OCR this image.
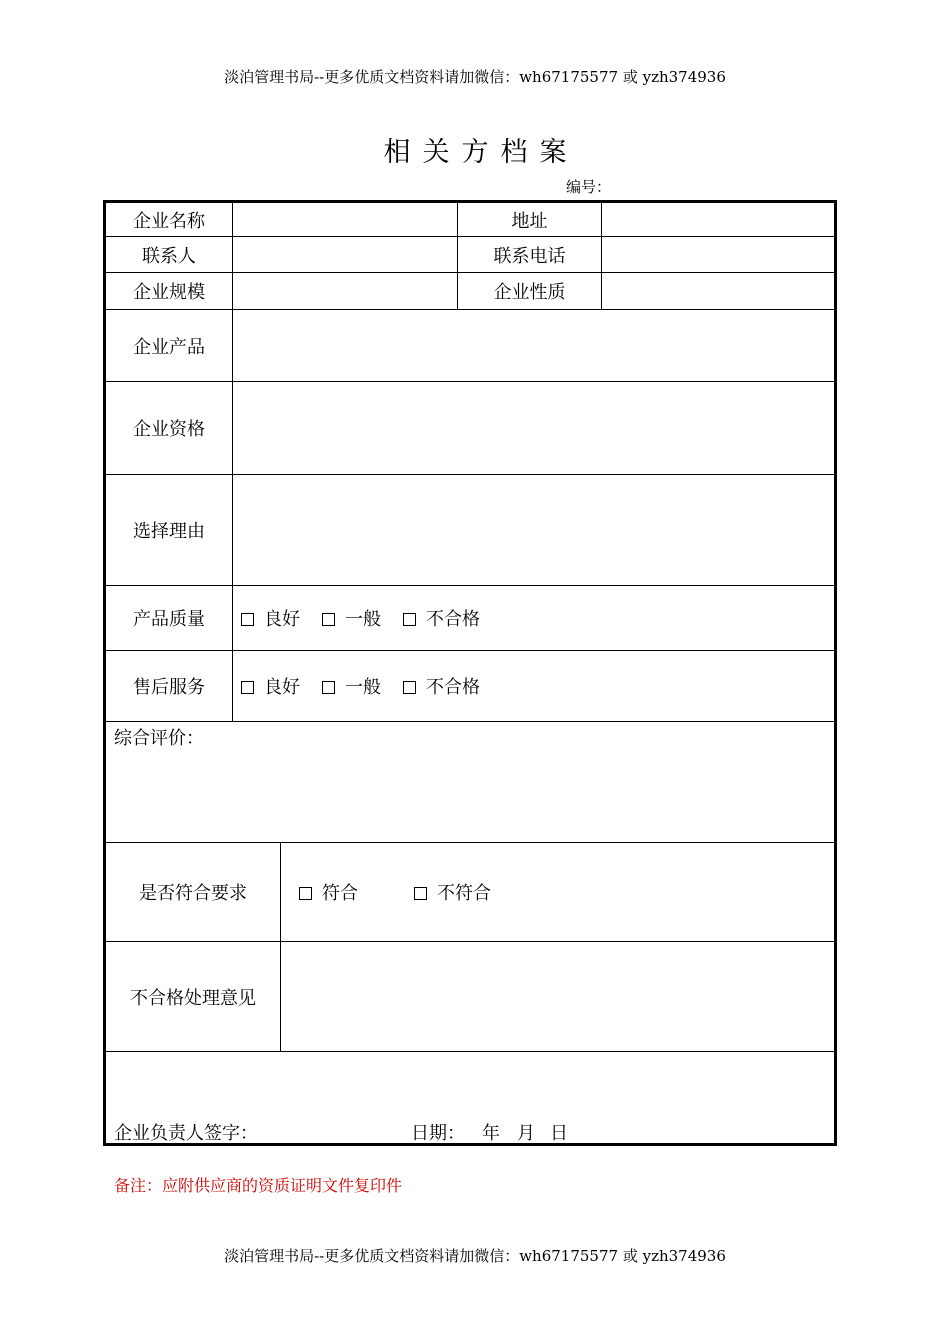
淡泊管理书局--更多优质文档资料请加微信：wh67175577 或 yzh374936
相关方档案
编号：
企业名称	地址
联系人	联系电话
企业规模	企业性质
企业产品
企业资格
选择理由
产品质量	良好	一般	不合格
售后服务	良好	一般	不合格
综合评价：
是否符合要求	符合	不符合
不合格处理意见
企业负责人签字：	日期： 年 月 日
备注：应附供应商的资质证明文件复印件
淡泊管理书局--更多优质文档资料请加微信：wh67175577 或 yzh374936
